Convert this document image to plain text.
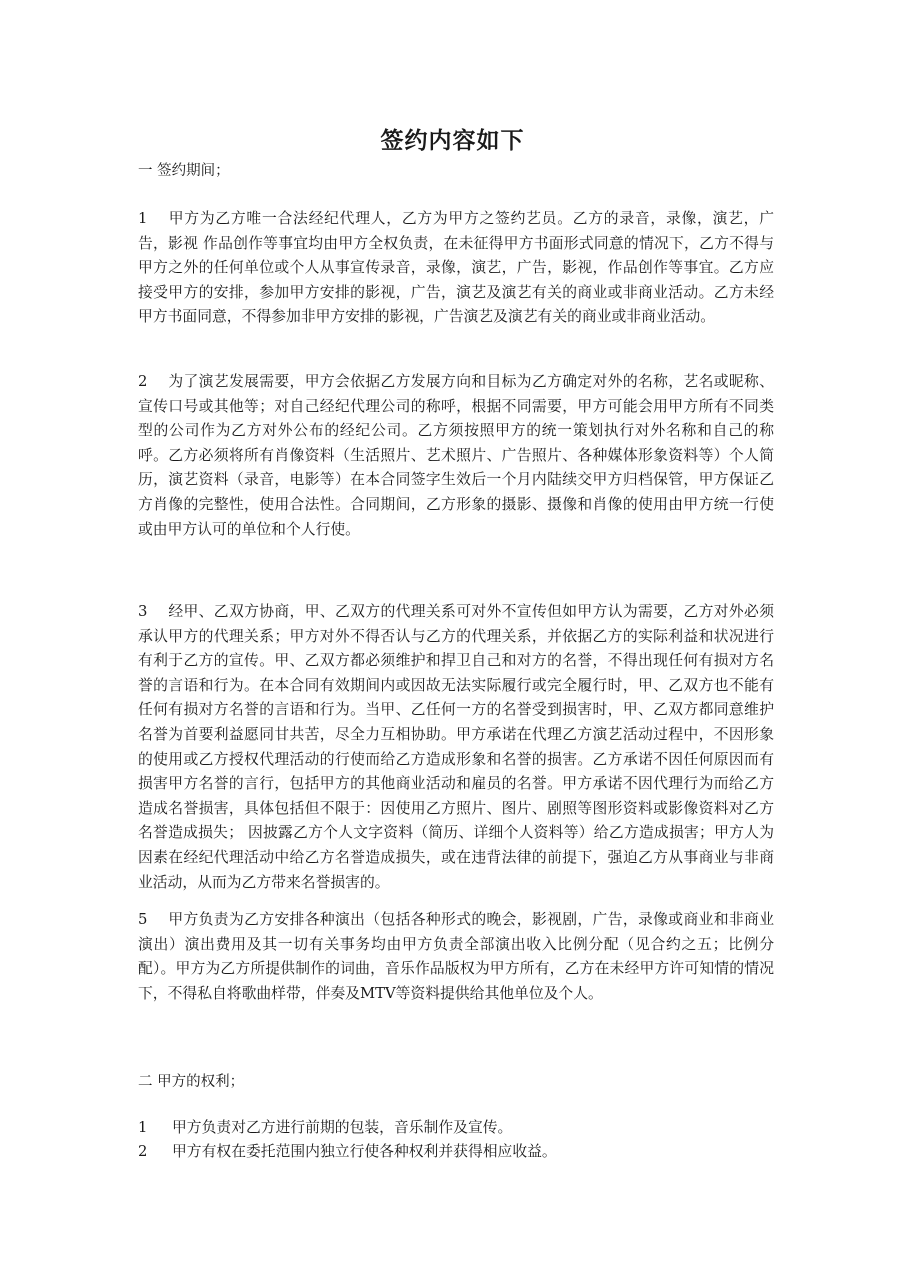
签约内容如下

一 签约期间；

1 甲方为乙方唯一合法经纪代理人，乙方为甲方之签约艺员。乙方的录音，录像，演艺，广告，影视 作品创作等事宜均由甲方全权负责，在未征得甲方书面形式同意的情况下，乙方不得与甲方之外的任何单位或个人从事宣传录音，录像，演艺，广告，影视，作品创作等事宜。乙方应接受甲方的安排，参加甲方安排的影视，广告，演艺及演艺有关的商业或非商业活动。乙方未经甲方书面同意，不得参加非甲方安排的影视，广告演艺及演艺有关的商业或非商业活动。

2 为了演艺发展需要，甲方会依据乙方发展方向和目标为乙方确定对外的名称，艺名或昵称、宣传口号或其他等；对自己经纪代理公司的称呼，根据不同需要，甲方可能会用甲方所有不同类型的公司作为乙方对外公布的经纪公司。乙方须按照甲方的统一策划执行对外名称和自己的称呼。乙方必须将所有肖像资料（生活照片、艺术照片、广告照片、各种媒体形象资料等）个人简历，演艺资料（录音，电影等）在本合同签字生效后一个月内陆续交甲方归档保管，甲方保证乙方肖像的完整性，使用合法性。合同期间，乙方形象的摄影、摄像和肖像的使用由甲方统一行使或由甲方认可的单位和个人行使。

3 经甲、乙双方协商，甲、乙双方的代理关系可对外不宣传但如甲方认为需要，乙方对外必须承认甲方的代理关系；甲方对外不得否认与乙方的代理关系，并依据乙方的实际利益和状况进行有利于乙方的宣传。甲、乙双方都必须维护和捍卫自己和对方的名誉，不得出现任何有损对方名誉的言语和行为。在本合同有效期间内或因故无法实际履行或完全履行时，甲、乙双方也不能有任何有损对方名誉的言语和行为。当甲、乙任何一方的名誉受到损害时，甲、乙双方都同意维护名誉为首要利益愿同甘共苦，尽全力互相协助。甲方承诺在代理乙方演艺活动过程中，不因形象的使用或乙方授权代理活动的行使而给乙方造成形象和名誉的损害。乙方承诺不因任何原因而有损害甲方名誉的言行，包括甲方的其他商业活动和雇员的名誉。甲方承诺不因代理行为而给乙方造成名誉损害，具体包括但不限于：因使用乙方照片、图片、剧照等图形资料或影像资料对乙方名誉造成损失； 因披露乙方个人文字资料（简历、详细个人资料等）给乙方造成损害；甲方人为因素在经纪代理活动中给乙方名誉造成损失，或在违背法律的前提下，强迫乙方从事商业与非商业活动，从而为乙方带来名誉损害的。

5 甲方负责为乙方安排各种演出（包括各种形式的晚会，影视剧，广告，录像或商业和非商业演出）演出费用及其一切有关事务均由甲方负责全部演出收入比例分配（见合约之五；比例分配）。甲方为乙方所提供制作的词曲，音乐作品版权为甲方所有，乙方在未经甲方许可知情的情况下，不得私自将歌曲样带，伴奏及MTV等资料提供给其他单位及个人。

二 甲方的权利；

1 甲方负责对乙方进行前期的包装，音乐制作及宣传。

2 甲方有权在委托范围内独立行使各种权利并获得相应收益。
